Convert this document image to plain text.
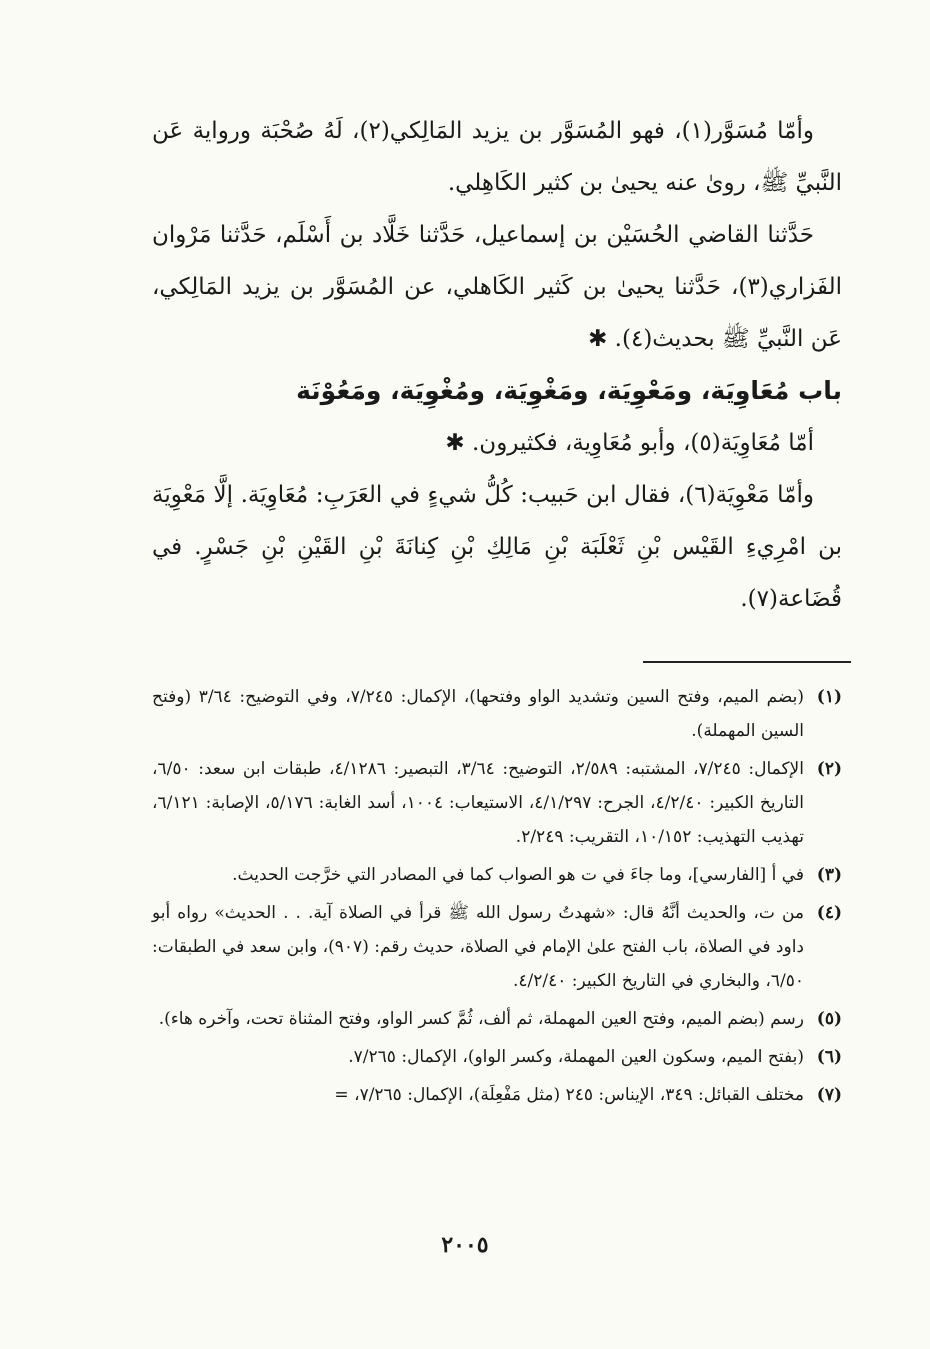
وأمّا مُسَوَّر(١)، فهو المُسَوَّر بن يزيد المَالِكي(٢)، لَهُ صُحْبَة ورواية عَن النَّبيِّ ﷺ، روىٰ عنه يحيىٰ بن كثير الكَاهِلي.

حَدَّثنا القاضي الحُسَيْن بن إسماعيل، حَدَّثنا خَلَّاد بن أَسْلَم، حَدَّثنا مَرْوان الفَزاري(٣)، حَدَّثنا يحيىٰ بن كَثير الكَاهلي، عن المُسَوَّر بن يزيد المَالِكي، عَن النَّبيِّ ﷺ بحديث(٤). ✱

باب مُعَاوِيَة، ومَعْوِيَة، ومَغْوِيَة، ومُغْوِيَة، ومَعُوْنَة

أمّا مُعَاوِيَة(٥)، وأبو مُعَاوِية، فكثيرون. ✱

وأمّا مَعْوِيَة(٦)، فقال ابن حَبيب: كُلُّ شيءٍ في العَرَبِ: مُعَاوِيَة. إلَّا مَعْوِيَة بن امْرِيءِ القَيْس بْنِ ثَعْلَبَة بْنِ مَالِكِ بْنِ كِنانَةَ بْنِ القَيْنِ بْنِ جَسْرٍ. في قُضَاعة(٧).

(١)
(بضم الميم، وفتح السين وتشديد الواو وفتحها)، الإكمال: ٧/٢٤٥، وفي التوضيح: ٣/٦٤ (وفتح السين المهملة).
(٢)
الإكمال: ٧/٢٤٥، المشتبه: ٢/٥٨٩، التوضيح: ٣/٦٤، التبصير: ٤/١٢٨٦، طبقات ابن سعد: ٦/٥٠، التاريخ الكبير: ٤/٢/٤٠، الجرح: ٤/١/٢٩٧، الاستيعاب: ١٠٠٤، أسد الغابة: ٥/١٧٦، الإصابة: ٦/١٢١، تهذيب التهذيب: ١٠/١٥٢، التقريب: ٢/٢٤٩.
(٣)
في أ [الفارسي]، وما جاءَ في ت هو الصواب كما في المصادر التي خرَّجت الحديث.
(٤)
من ت، والحديث أنَّهُ قال: «شهدتُ رسول الله ﷺ قرأ في الصلاة آية. . . الحديث» رواه أبو داود في الصلاة، باب الفتح علىٰ الإمام في الصلاة، حديث رقم: (٩٠٧)، وابن سعد في الطبقات: ٦/٥٠، والبخاري في التاريخ الكبير: ٤/٢/٤٠.
(٥)
رسم (بضم الميم، وفتح العين المهملة، ثم ألف، ثُمَّ كسر الواو، وفتح المثناة تحت، وآخره هاء).
(٦)
(بفتح الميم، وسكون العين المهملة، وكسر الواو)، الإكمال: ٧/٢٦٥.
(٧)
مختلف القبائل: ٣٤٩، الإيناس: ٢٤٥ (مثل مَفْعِلَة)، الإكمال: ٧/٢٦٥، =
٢٠٠٥
